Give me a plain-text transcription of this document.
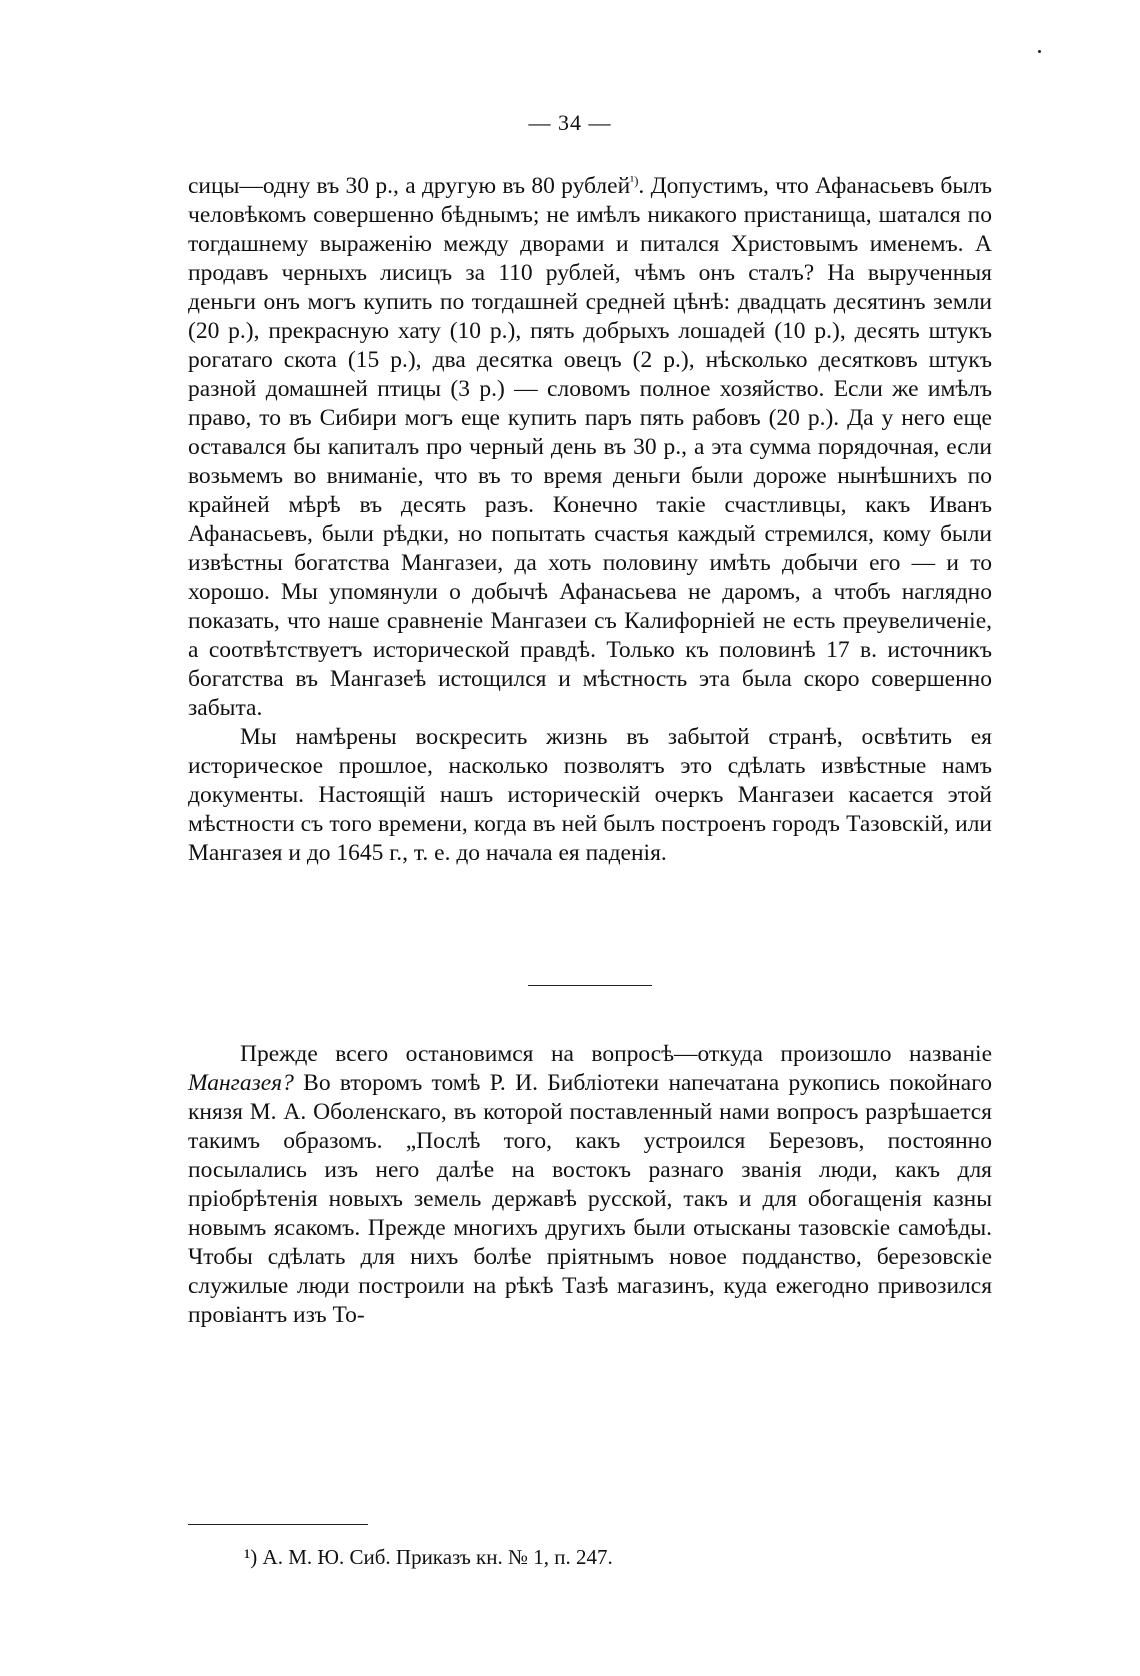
— 34 —

сицы—одну въ 30 р., а другую въ 80 рублей$^{^1)}$. Допустимъ, что Афанасьевъ былъ человѣкомъ совершенно бѣднымъ; не имѣлъ никакого пристанища, шатался по тогдашнему выраженію между дворами и питался Христовымъ именемъ. А продавъ черныхъ лисицъ за 110 рублей, чѣмъ онъ сталъ? На вырученныя деньги онъ могъ купить по тогдашней средней цѣнѣ: двадцать десятинъ земли (20 р.), прекрасную хату (10 р.), пять добрыхъ лошадей (10 р.), десять штукъ рогатаго скота (15 р.), два десятка овецъ (2 р.), нѣсколько десятковъ штукъ разной домашней птицы (3 р.) — словомъ полное хозяйство. Если же имѣлъ право, то въ Сибири могъ еще купить паръ пять рабовъ (20 р.). Да у него еще оставался бы капиталъ про черный день въ 30 р., а эта сумма порядочная, если возьмемъ во вниманіе, что въ то время деньги были дороже нынѣшнихъ по крайней мѣрѣ въ десять разъ. Конечно такіе счастливцы, какъ Иванъ Афанасьевъ, были рѣдки, но попытать счастья каждый стремился, кому были извѣстны богатства Мангазеи, да хоть половину имѣть добычи его — и то хорошо. Мы упомянули о добычѣ Афанасьева не даромъ, а чтобъ наглядно показать, что наше сравненіе Мангазеи съ Калифорніей не есть преувеличеніе, а соотвѣтствуетъ исторической правдѣ. Только къ половинѣ 17 в. источникъ богатства въ Мангазеѣ истощился и мѣстность эта была скоро совершенно забыта.

Мы намѣрены воскресить жизнь въ забытой странѣ, освѣтить ея историческое прошлое, насколько позволятъ это сдѣлать извѣстные намъ документы. Настоящій нашъ историческій очеркъ Мангазеи касается этой мѣстности съ того времени, когда въ ней былъ построенъ городъ Тазовскій, или Мангазея и до 1645 г., т. е. до начала ея паденія.

Прежде всего остановимся на вопросѣ—откуда произошло названіе Мангазея? Во второмъ томѣ Р. И. Библіотеки напечатана рукопись покойнаго князя М. А. Оболенскаго, въ которой поставленный нами вопросъ разрѣшается такимъ образомъ. „Послѣ того, какъ устроился Березовъ, постоянно посылались изъ него далѣе на востокъ разнаго званія люди, какъ для пріобрѣтенія новыхъ земель державѣ русской, такъ и для обогащенія казны новымъ ясакомъ. Прежде многихъ другихъ были отысканы тазовскіе самоѣды. Чтобы сдѣлать для нихъ болѣе пріятнымъ новое подданство, березовскіе служилые люди построили на рѣкѣ Тазѣ магазинъ, куда ежегодно привозился провіантъ изъ То-

¹) А. М. Ю. Сиб. Приказъ кн. № 1, п. 247.
